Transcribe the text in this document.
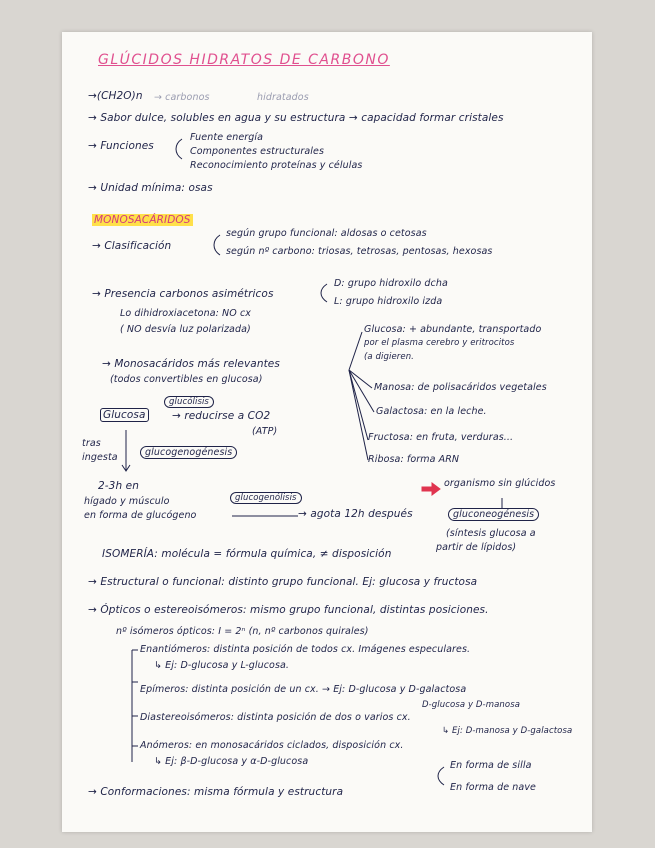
GLÚCIDOS HIDRATOS DE CARBONO
→(CH2O)n → carbonos	hidratados
→ Sabor dulce, solubles en agua y su estructura → capacidad formar cristales
→ Funciones
Fuente energía
Componentes estructurales
Reconocimiento proteínas y células
→ Unidad mínima: osas
MONOSACÁRIDOS
→ Clasificación
según grupo funcional: aldosas o cetosas
según nº carbono: triosas, tetrosas, pentosas, hexosas
→ Presencia carbonos asimétricos
D: grupo hidroxilo dcha
L: grupo hidroxilo izda
Lo dihidroxiacetona: NO cx
( NO desvía luz polarizada)
→ Monosacáridos más relevantes
(todos convertibles en glucosa)
Glucosa: + abundante, transportado
por el plasma cerebro y eritrocitos
(a digieren.
Manosa: de polisacáridos vegetales
Galactosa: en la leche.
Fructosa: en fruta, verduras...
Ribosa: forma ARN
Glucosa
glucólisis
→ reducirse a CO2
(ATP)
tras
ingesta	glucogenogénesis
2-3h en
hígado y músculo
en forma de glucógeno
glucogenólisis
→ agota 12h después
organismo sin glúcidos
gluconeogénesis
(síntesis glucosa a
partir de lípidos)
ISOMERÍA: molécula = fórmula química, ≠ disposición
→ Estructural o funcional: distinto grupo funcional. Ej: glucosa y fructosa
→ Ópticos o estereoisómeros: mismo grupo funcional, distintas posiciones.
nº isómeros ópticos: I = 2ⁿ (n, nº carbonos quirales)
Enantiómeros: distinta posición de todos cx. Imágenes especulares.
↳ Ej: D-glucosa y L-glucosa.
Epímeros: distinta posición de un cx. → Ej: D-glucosa y D-galactosa
D-glucosa y D-manosa
Diastereoisómeros: distinta posición de dos o varios cx.
↳ Ej: D-manosa y D-galactosa
Anómeros: en monosacáridos ciclados, disposición cx.
↳ Ej: β-D-glucosa y α-D-glucosa
→ Conformaciones: misma fórmula y estructura
En forma de silla
En forma de nave
